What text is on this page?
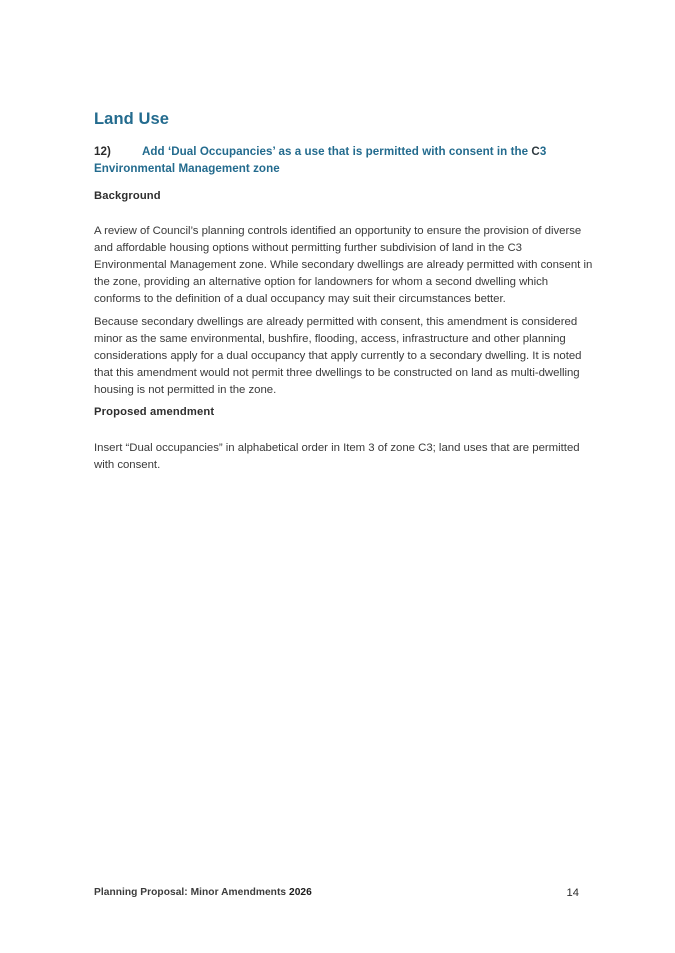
Land Use
12)	Add ‘Dual Occupancies’ as a use that is permitted with consent in the C3 Environmental Management zone
Background

A review of Council’s planning controls identified an opportunity to ensure the provision of diverse and affordable housing options without permitting further subdivision of land in the C3 Environmental Management zone. While secondary dwellings are already permitted with consent in the zone, providing an alternative option for landowners for whom a second dwelling which conforms to the definition of a dual occupancy may suit their circumstances better.

Because secondary dwellings are already permitted with consent, this amendment is considered minor as the same environmental, bushfire, flooding, access, infrastructure and other planning considerations apply for a dual occupancy that apply currently to a secondary dwelling. It is noted that this amendment would not permit three dwellings to be constructed on land as multi-dwelling housing is not permitted in the zone.

Proposed amendment

Insert “Dual occupancies” in alphabetical order in Item 3 of zone C3; land uses that are permitted with consent.

Planning Proposal: Minor Amendments 2026	14
